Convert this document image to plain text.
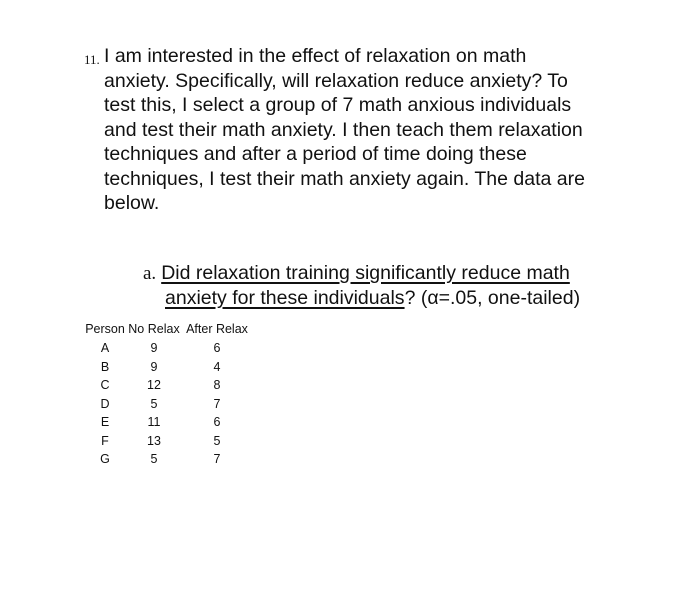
11. I am interested in the effect of relaxation on math
anxiety. Specifically, will relaxation reduce anxiety? To
test this, I select a group of 7 math anxious individuals
and test their math anxiety. I then teach them relaxation
techniques and after a period of time doing these
techniques, I test their math anxiety again. The data are
below.

a. Did relaxation training significantly reduce math
anxiety for these individuals? (α=.05, one-tailed)
Person	No Relax	After Relax
A	9	6
B	9	4
C	12	8
D	5	7
E	11	6
F	13	5
G	5	7
